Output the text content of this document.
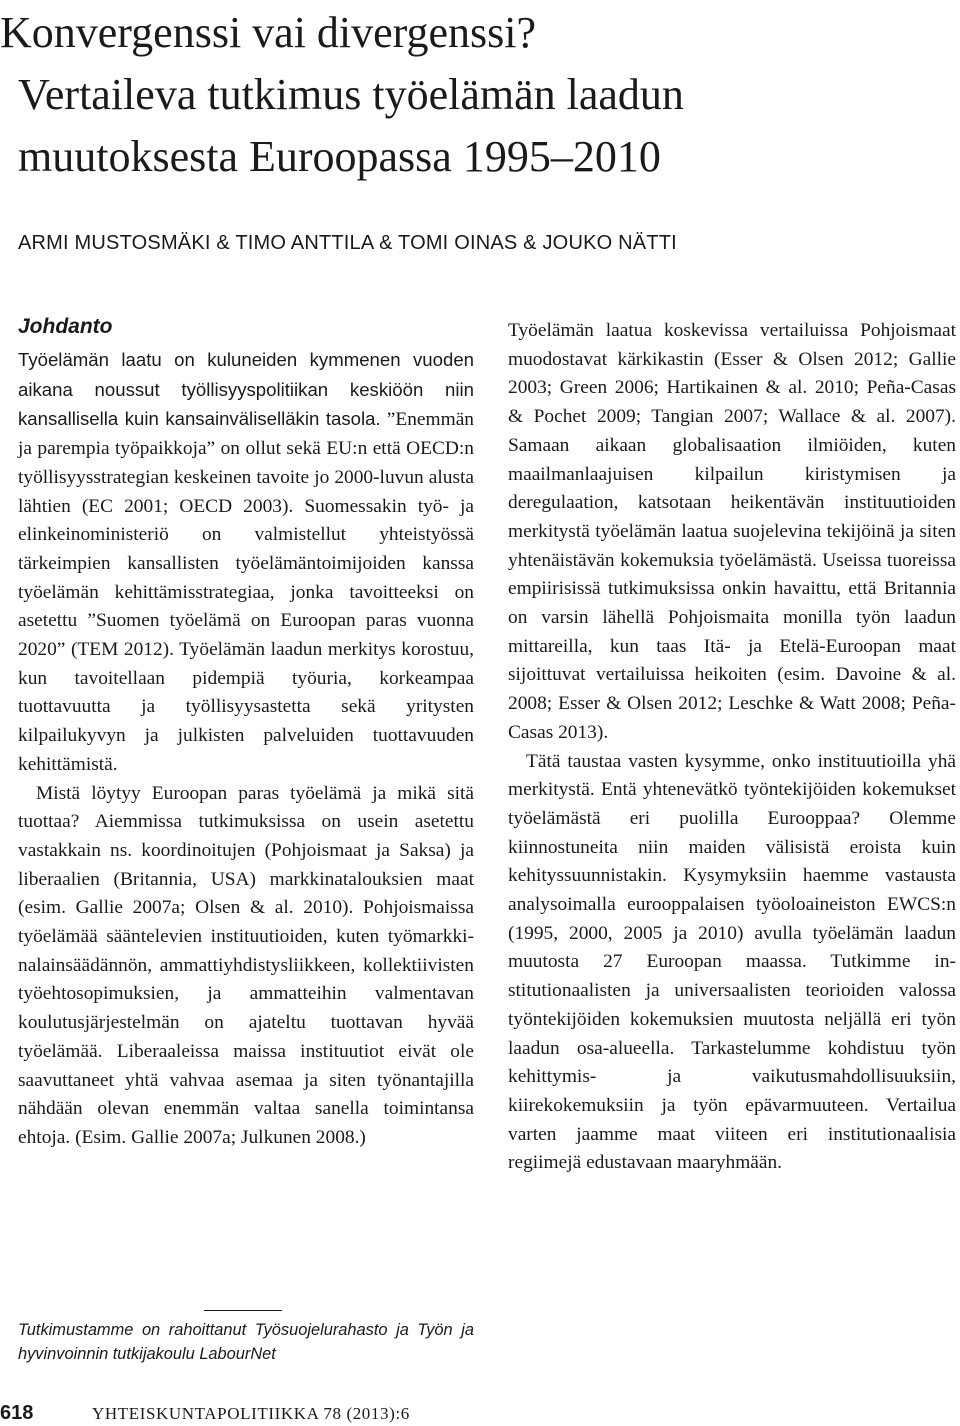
Konvergenssi vai divergenssi?
Vertaileva tutkimus työelämän laadun
muutoksesta Euroopassa 1995–2010
ARMI MUSTOSMÄKI & TIMO ANTTILA & TOMI OINAS & JOUKO NÄTTI
Johdanto

Työelämän laatu on kuluneiden kymmenen vuoden aikana noussut työllisyyspolitiikan keskiöön niin kansallisella kuin kansainväliselläkin tasola. ”Enemmän ja parempia työpaikkoja” on ollut sekä EU:n että OECD:n työllisyysstrategian keskeinen tavoite jo 2000-luvun alusta lähtien (EC 2001; OECD 2003). Suomessakin työ- ja elinkeinoministeriö on valmistellut yhteistyössä tärkeimpien kansallisten työelämäntoimijoiden kanssa työelämän kehittämisstrategiaa, jonka tavoitteeksi on asetettu ”Suomen työelämä on Euroopan paras vuonna 2020” (TEM 2012). Työelämän laadun merkitys korostuu, kun tavoitellaan pidempiä työuria, korkeampaa tuottavuutta ja työllisyysastetta sekä yritysten kilpailukyvyn ja julkisten palveluiden tuottavuuden kehittämistä.

Mistä löytyy Euroopan paras työelämä ja mikä sitä tuottaa? Aiemmissa tutkimuksissa on usein asetettu vastakkain ns. koordinoitujen (Pohjoismaat ja Saksa) ja liberaalien (Britannia, USA) markkinatalouksien maat (esim. Gallie 2007a; Olsen & al. 2010). Pohjoismaissa työelämää sääntelevien instituutioiden, kuten työmarkkinalainsäädännön, ammattiyhdistysliikkeen, kollektiivisten työehtosopimuksien, ja ammatteihin valmentavan koulutusjärjestelmän on ajateltu tuottavan hyvää työelämää. Liberaaleissa maissa instituutiot eivät ole saavuttaneet yhtä vahvaa asemaa ja siten työnantajilla nähdään olevan enemmän valtaa sanella toimintansa ehtoja. (Esim. Gallie 2007a; Julkunen 2008.)

Työelämän laatua koskevissa vertailuissa Pohjoismaat muodostavat kärkikastin (Esser & Olsen 2012; Gallie 2003; Green 2006; Hartikainen & al. 2010; Peña-Casas & Pochet 2009; Tangian 2007; Wallace & al. 2007). Samaan aikaan globalisaation ilmiöiden, kuten maailmanlaajuisen kilpailun kiristymisen ja deregulaation, katsotaan heikentävän instituutioiden merkitystä työelämän laatua suojelevina tekijöinä ja siten yhtenäistävän kokemuksia työelämästä. Useissa tuoreissa empiirisissä tutkimuksissa onkin havaittu, että Britannia on varsin lähellä Pohjoismaita monilla työn laadun mittareilla, kun taas Itä- ja Etelä-Euroopan maat sijoittuvat vertailuissa heikoiten (esim. Davoine & al. 2008; Esser & Olsen 2012; Leschke & Watt 2008; Peña-Casas 2013).

Tätä taustaa vasten kysymme, onko instituutioilla yhä merkitystä. Entä yhtenevätkö työntekijöiden kokemukset työelämästä eri puolilla Eurooppaa? Olemme kiinnostuneita niin maiden välisistä eroista kuin kehityssuunnistakin. Kysymyksiin haemme vastausta analysoimalla eurooppalaisen työoloaineiston EWCS:n (1995, 2000, 2005 ja 2010) avulla työelämän laadun muutosta 27 Euroopan maassa. Tutkimme institutionaalisten ja universaalisten teorioiden valossa työntekijöiden kokemuksien muutosta neljällä eri työn laadun osa-alueella. Tarkastelumme kohdistuu työn kehittymis- ja vaikutusmahdollisuuksiin, kiirekokemuksiin ja työn epävarmuuteen. Vertailua varten jaamme maat viiteen eri institutionaalisia regiimejä edustavaan maaryhmään.

Tutkimustamme on rahoittanut Työsuojelurahasto ja Työn ja hyvinvoinnin tutkijakoulu LabourNet

618	YHTEISKUNTAPOLITIIKKA 78 (2013):6
